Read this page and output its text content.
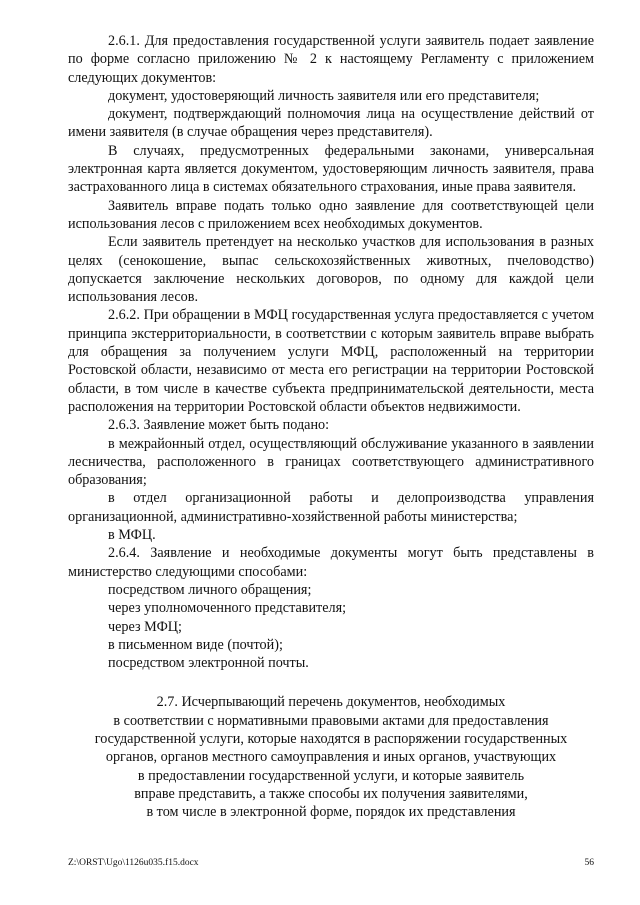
2.6.1. Для предоставления государственной услуги заявитель подает заявление по форме согласно приложению № 2 к настоящему Регламенту с приложением следующих документов:

документ, удостоверяющий личность заявителя или его представителя;

документ, подтверждающий полномочия лица на осуществление действий от имени заявителя (в случае обращения через представителя).

В случаях, предусмотренных федеральными законами, универсальная электронная карта является документом, удостоверяющим личность заявителя, права застрахованного лица в системах обязательного страхования, иные права заявителя.

Заявитель вправе подать только одно заявление для соответствующей цели использования лесов с приложением всех необходимых документов.

Если заявитель претендует на несколько участков для использования в разных целях (сенокошение, выпас сельскохозяйственных животных, пчеловодство) допускается заключение нескольких договоров, по одному для каждой цели использования лесов.

2.6.2. При обращении в МФЦ государственная услуга предоставляется с учетом принципа экстерриториальности, в соответствии с которым заявитель вправе выбрать для обращения за получением услуги МФЦ, расположенный на территории Ростовской области, независимо от места его регистрации на территории Ростовской области, в том числе в качестве субъекта предпринимательской деятельности, места расположения на территории Ростовской области объектов недвижимости.

2.6.3. Заявление может быть подано:

в межрайонный отдел, осуществляющий обслуживание указанного в заявлении лесничества, расположенного в границах соответствующего административного образования;

в отдел организационной работы и делопроизводства управления организационной, административно-хозяйственной работы министерства;

в МФЦ.

2.6.4. Заявление и необходимые документы могут быть представлены в министерство следующими способами:

посредством личного обращения;

через уполномоченного представителя;

через МФЦ;

в письменном виде (почтой);

посредством электронной почты.

2.7. Исчерпывающий перечень документов, необходимых
в соответствии с нормативными правовыми актами для предоставления
государственной услуги, которые находятся в распоряжении государственных
органов, органов местного самоуправления и иных органов, участвующих
в предоставлении государственной услуги, и которые заявитель
вправе представить, а также способы их получения заявителями,
в том числе в электронной форме, порядок их представления
Z:\ORST\Ugo\1126u035.f15.docx	56
